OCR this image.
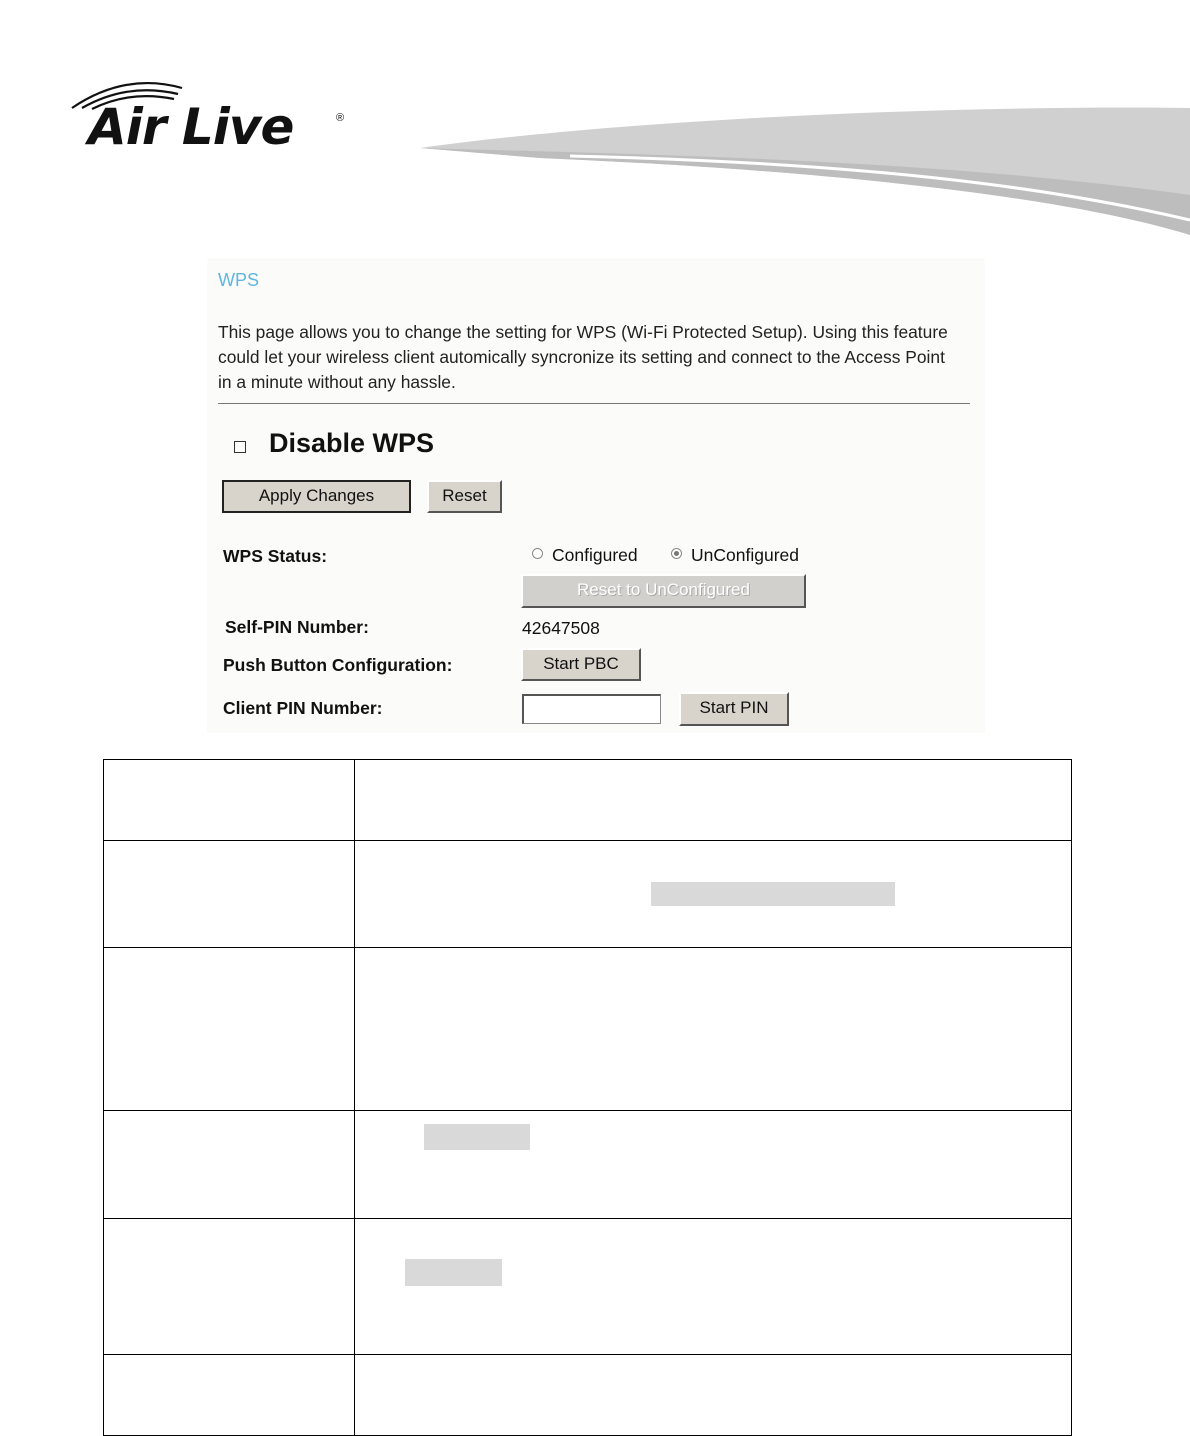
Air Live	®
WPS
This page allows you to change the setting for WPS (Wi-Fi Protected Setup). Using this feature could let your wireless client automically syncronize its setting and connect to the Access Point in a minute without any hassle.
Disable WPS
Apply Changes	Reset
WPS Status:	Configured	UnConfigured
Reset to UnConfigured
Self-PIN Number:	42647508
Push Button Configuration:	Start PBC
Client PIN Number:	Start PIN
